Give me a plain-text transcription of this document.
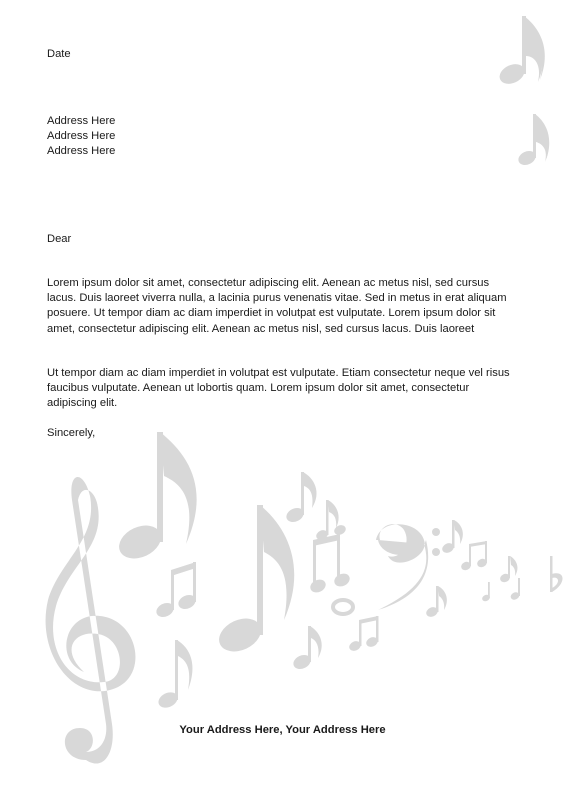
Date
Address Here
Address Here
Address Here
Dear
Lorem ipsum dolor sit amet, consectetur adipiscing elit. Aenean ac metus nisl, sed cursus lacus. Duis laoreet viverra nulla, a lacinia purus venenatis vitae. Sed in metus in erat aliquam posuere. Ut tempor diam ac diam imperdiet in volutpat est vulputate. Lorem ipsum dolor sit amet, consectetur adipiscing elit. Aenean ac metus nisl, sed cursus lacus. Duis laoreet
Ut tempor diam ac diam imperdiet in volutpat est vulputate. Etiam consectetur neque vel risus faucibus vulputate. Aenean ut lobortis quam. Lorem ipsum dolor sit amet, consectetur adipiscing elit.
Sincerely,
Your Address Here, Your Address Here
